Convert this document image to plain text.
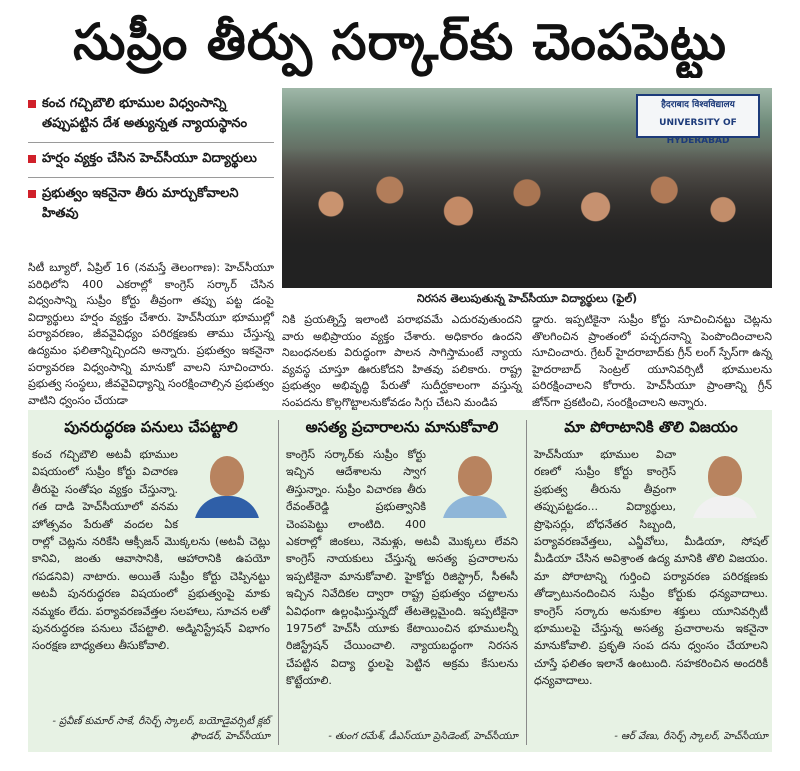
సుప్రీం తీర్పు సర్కార్‌కు చెంపపెట్టు
కంచ గచ్చిబౌలి భూముల విధ్వంసాన్ని తప్పుపట్టిన దేశ అత్యున్నత న్యాయస్థానం
హర్షం వ్యక్తం చేసిన హెచ్‌సీయూ విద్యార్థులు
ప్రభుత్వం ఇకనైనా తీరు మార్చుకోవాలని హితవు
हैदराबाद विश्वविद्यालय UNIVERSITY OF HYDERABAD
నిరసన తెలుపుతున్న హెచ్‌సీయూ విద్యార్థులు (ఫైల్)
సిటీ బ్యూరో, ఏప్రిల్ 16 (నమస్తే తెలంగాణ): హెచ్‌సీయూ పరిధిలోని 400 ఎకరాల్లో కాంగ్రెస్ సర్కార్ చేసిన విధ్వంసాన్ని సుప్రీం కోర్టు తీవ్రంగా తప్పు పట్ట డంపై విద్యార్థులు హర్షం వ్యక్తం చేశారు. హెచ్‌సీయూ భూముల్లో పర్యావరణం, జీవవైవిధ్యం పరిరక్షణకు తాము చేస్తున్న ఉద్యమం ఫలితాన్నిచ్చిందని అన్నారు. ప్రభుత్వం ఇకనైనా పర్యావరణ విధ్వంసాన్ని మానుకో వాలని సూచించారు. ప్రభుత్వ సంస్థలు, జీవవైవిధ్యాన్ని సంరక్షించాల్సిన ప్రభుత్వం వాటిని ధ్వంసం చేయడా
నికి ప్రయత్నిస్తే ఇలాంటి పరాభవమే ఎదురవుతుందని వారు అభిప్రాయం వ్యక్తం చేశారు. అధికారం ఉందని నిబంధనలకు విరుద్ధంగా పాలన సాగిస్తామంటే న్యాయ వ్యవస్థ చూస్తూ ఊరుకోదని హితవు పలికారు. రాష్ట్ర ప్రభుత్వం అభివృద్ధి పేరుతో సుదీర్ఘకాలంగా వస్తున్న సంపదను కొల్లగొట్టాలనుకోవడం సిగ్గు చేటని మండిప
డ్డారు. ఇప్పటికైనా సుప్రీం కోర్టు సూచించినట్టు చెట్లను తొలగించిన ప్రాంతంలో పచ్చదనాన్ని పెంపొందించాలని సూచించారు. గ్రేటర్ హైదరాబాద్‌కు గ్రీన్ లంగ్ స్పేస్‌గా ఉన్న హైదరాబాద్ సెంట్రల్ యూనివర్సిటీ భూములను పరిరక్షించాలని కోరారు. హెచ్‌సీయూ ప్రాంతాన్ని గ్రీన్ జోన్‌గా ప్రకటించి, సంరక్షించాలని అన్నారు.
పునరుద్ధరణ పనులు చేపట్టాలి
కంచ గచ్చిబౌలి అటవీ భూముల విషయంలో సుప్రీం కోర్టు విచారణ తీరుపై సంతోషం వ్యక్తం చేస్తున్నా. గత దాడి హెచ్‌సీయూలో వనమ హోత్సవం పేరుతో వందల ఏక రాల్లో చెట్లను నరికేసి ఆక్సీజన్ మొక్కలను (అటవీ చెట్లు కానివి, జంతు ఆవాసానికి, ఆహారానికి ఉపయో గపడనివి) నాటారు. అయితే సుప్రీం కోర్టు చెప్పినట్టు అటవీ పునరుద్ధరణ విషయంలో ప్రభుత్వంపై మాకు నమ్మకం లేదు. పర్యావరణవేత్తల సలహాలు, సూచన లతో పునరుద్ధరణ పనులు చేపట్టాలి. అడ్మినిస్ట్రేషన్ విభాగం సంరక్షణ బాధ్యతలు తీసుకోవాలి.
- ప్రవీణ్ కుమార్ సాకే, రీసెర్చ్ స్కాలర్, బయోడైవర్సిటీ క్లబ్ ఫౌండర్, హెచ్‌సీయూ
అసత్య ప్రచారాలను మానుకోవాలి
కాంగ్రెస్ సర్కార్‌కు సుప్రీం కోర్టు ఇచ్చిన ఆదేశాలను స్వాగ తిస్తున్నాం. సుప్రీం విచారణ తీరు రేవంత్‌రెడ్డి ప్రభుత్వానికి చెంపపెట్టు లాంటిది. 400 ఎకరాల్లో జింకలు, నెమళ్లు, అటవీ మొక్కలు లేవని కాంగ్రెస్ నాయకులు చేస్తున్న అసత్య ప్రచారాలను ఇప్పటికైనా మానుకోవాలి. హైకోర్టు రిజిస్ట్రార్, సీఈసీ ఇచ్చిన నివేదికల ద్వారా రాష్ట్ర ప్రభుత్వం చట్టాలను ఏవిధంగా ఉల్లంఘిస్తున్నదో తేటతెల్లమైంది. ఇప్పటికైనా 1975లో హెచ్‌సీ యూకు కేటాయించిన భూములన్నీ రిజిస్ట్రేషన్ చేయించాలి. న్యాయబద్ధంగా నిరసన చేపట్టిన విద్యా ర్థులపై పెట్టిన అక్రమ కేసులను కొట్టేయాలి.
- తుంగ రమేశ్, డీఎస్‌యూ ప్రెసిడెంట్, హెచ్‌సీయూ
మా పోరాటానికి తొలి విజయం
హెచ్‌సీయూ భూముల విచా రణలో సుప్రీం కోర్టు కాంగ్రెస్ ప్రభుత్వ తీరును తీవ్రంగా తప్పుపట్టడం... విద్యార్థులు, ప్రొఫెసర్లు, బోధనేతర సిబ్బంది, పర్యావరణవేత్తలు, ఎన్జీవోలు, మీడియా, సోషల్ మీడియా చేసిన అవిశ్రాంత ఉద్య మానికి తొలి విజయం. మా పోరాటాన్ని గుర్తించి పర్యావరణ పరిరక్షణకు తోడ్పాటునందించిన సుప్రీం కోర్టుకు ధన్యవాదాలు. కాంగ్రెస్ సర్కారు అనుకూల శక్తులు యూనివర్సిటీ భూములపై చేస్తున్న అసత్య ప్రచారాలను ఇకనైనా మానుకోవాలి. ప్రకృతి సంప దను ధ్వంసం చేయాలని చూస్తే ఫలితం ఇలానే ఉంటుంది. సహకరించిన అందరికీ ధన్యవాదాలు.
- ఆర్ వేణు, రీసెర్చ్ స్కాలర్, హెచ్‌సీయూ
